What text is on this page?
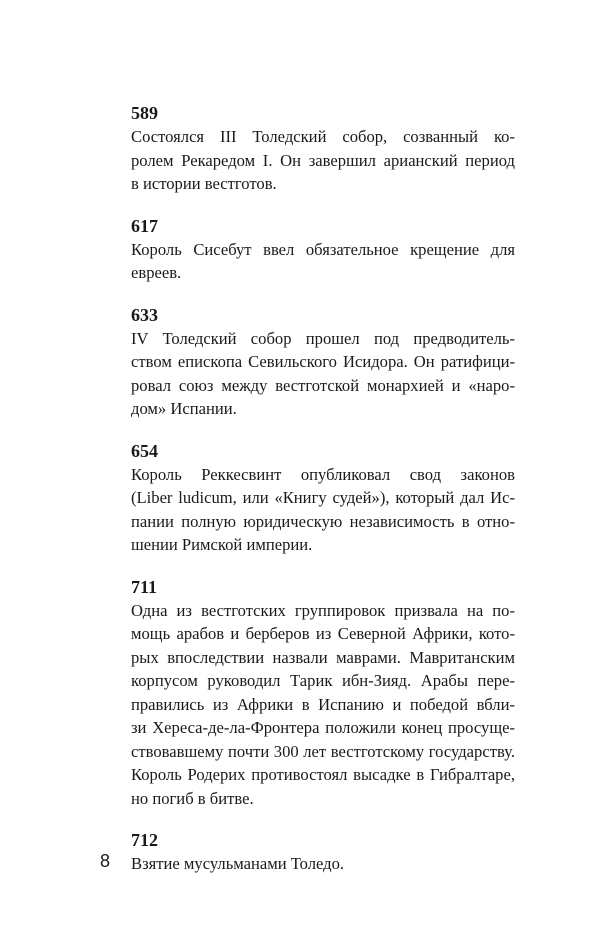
589

Состоялся III Толедский собор, созванный ко-
ролем Рекаредом I. Он завершил арианский период
в истории вестготов.

617

Король Сисебут ввел обязательное крещение для
евреев.

633

IV Толедский собор прошел под предводитель-
ством епископа Севильского Исидора. Он ратифици-
ровал союз между вестготской монархией и «наро-
дом» Испании.

654

Король Реккесвинт опубликовал свод законов
(Liber ludicum, или «Книгу судей»), который дал Ис-
пании полную юридическую независимость в отно-
шении Римской империи.

711

Одна из вестготских группировок призвала на по-
мощь арабов и берберов из Северной Африки, кото-
рых впоследствии назвали маврами. Мавританским
корпусом руководил Тарик ибн-Зияд. Арабы пере-
правились из Африки в Испанию и победой вбли-
зи Хереса-де-ла-Фронтера положили конец просуще-
ствовавшему почти 300 лет вестготскому государству.
Король Родерих противостоял высадке в Гибралтаре,
но погиб в битве.

712

Взятие мусульманами Толедо.
8
